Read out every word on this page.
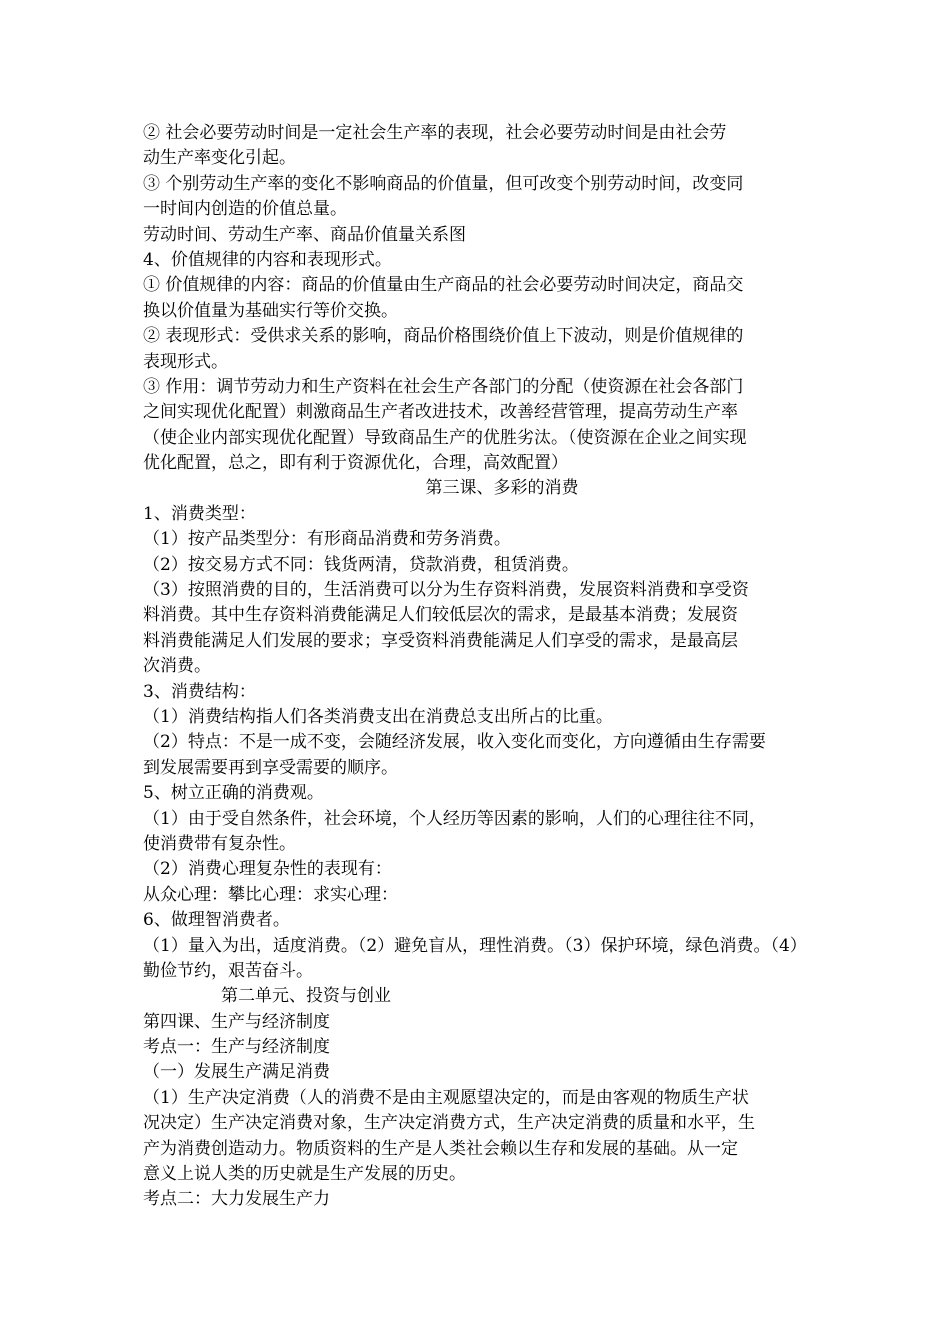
② 社会必要劳动时间是一定社会生产率的表现，社会必要劳动时间是由社会劳
动生产率变化引起。
③ 个别劳动生产率的变化不影响商品的价值量，但可改变个别劳动时间，改变同
一时间内创造的价值总量。
劳动时间、劳动生产率、商品价值量关系图
4、价值规律的内容和表现形式。
① 价值规律的内容：商品的价值量由生产商品的社会必要劳动时间决定，商品交
换以价值量为基础实行等价交换。
② 表现形式：受供求关系的影响，商品价格围绕价值上下波动，则是价值规律的
表现形式。
③ 作用：调节劳动力和生产资料在社会生产各部门的分配（使资源在社会各部门
之间实现优化配置）刺激商品生产者改进技术，改善经营管理，提高劳动生产率
（使企业内部实现优化配置）导致商品生产的优胜劣汰。（使资源在企业之间实现
优化配置，总之，即有利于资源优化，合理，高效配置）
第三课、多彩的消费
1、消费类型：
（1）按产品类型分：有形商品消费和劳务消费。
（2）按交易方式不同：钱货两清，贷款消费，租赁消费。
（3）按照消费的目的，生活消费可以分为生存资料消费，发展资料消费和享受资
料消费。其中生存资料消费能满足人们较低层次的需求，是最基本消费；发展资
料消费能满足人们发展的要求；享受资料消费能满足人们享受的需求，是最高层
次消费。
3、消费结构：
（1）消费结构指人们各类消费支出在消费总支出所占的比重。
（2）特点：不是一成不变，会随经济发展，收入变化而变化，方向遵循由生存需要
到发展需要再到享受需要的顺序。
5、树立正确的消费观。
（1）由于受自然条件，社会环境，个人经历等因素的影响，人们的心理往往不同，
使消费带有复杂性。
（2）消费心理复杂性的表现有：
从众心理：攀比心理：求实心理：
6、做理智消费者。
（1）量入为出，适度消费。（2）避免盲从，理性消费。（3）保护环境，绿色消费。（4）
勤俭节约，艰苦奋斗。
第二单元、投资与创业
第四课、生产与经济制度
考点一：生产与经济制度
（一）发展生产满足消费
（1）生产决定消费（人的消费不是由主观愿望决定的，而是由客观的物质生产状
况决定）生产决定消费对象，生产决定消费方式，生产决定消费的质量和水平，生
产为消费创造动力。物质资料的生产是人类社会赖以生存和发展的基础。从一定
意义上说人类的历史就是生产发展的历史。
考点二：大力发展生产力
